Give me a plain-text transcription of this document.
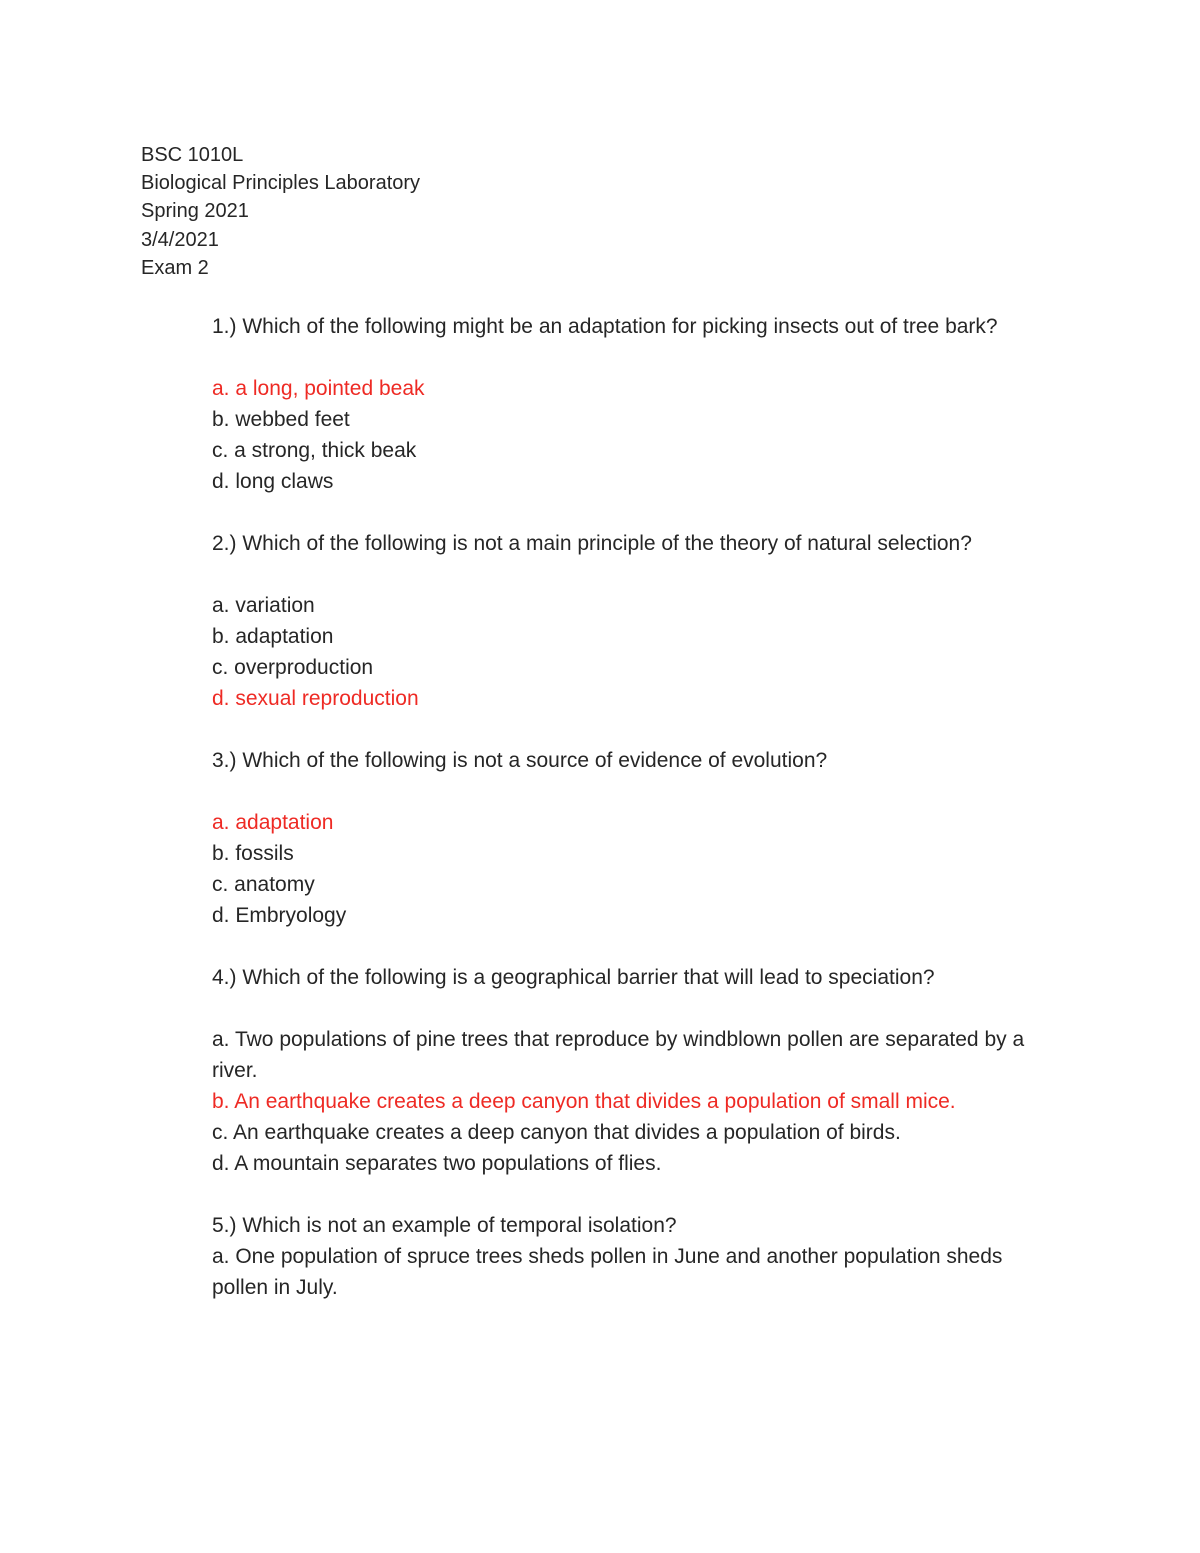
BSC 1010L
Biological Principles Laboratory
Spring 2021
3/4/2021
Exam 2
1.) Which of the following might be an adaptation for picking insects out of tree bark?
a. a long, pointed beak
b. webbed feet
c. a strong, thick beak
d. long claws
2.) Which of the following is not a main principle of the theory of natural selection?
a. variation
b. adaptation
c. overproduction
d. sexual reproduction
3.) Which of the following is not a source of evidence of evolution?
a. adaptation
b. fossils
c. anatomy
d. Embryology
4.) Which of the following is a geographical barrier that will lead to speciation?
a. Two populations of pine trees that reproduce by windblown pollen are separated by a river.
b. An earthquake creates a deep canyon that divides a population of small mice.
c. An earthquake creates a deep canyon that divides a population of birds.
d. A mountain separates two populations of flies.
5.) Which is not an example of temporal isolation?
a. One population of spruce trees sheds pollen in June and another population sheds pollen in July.
